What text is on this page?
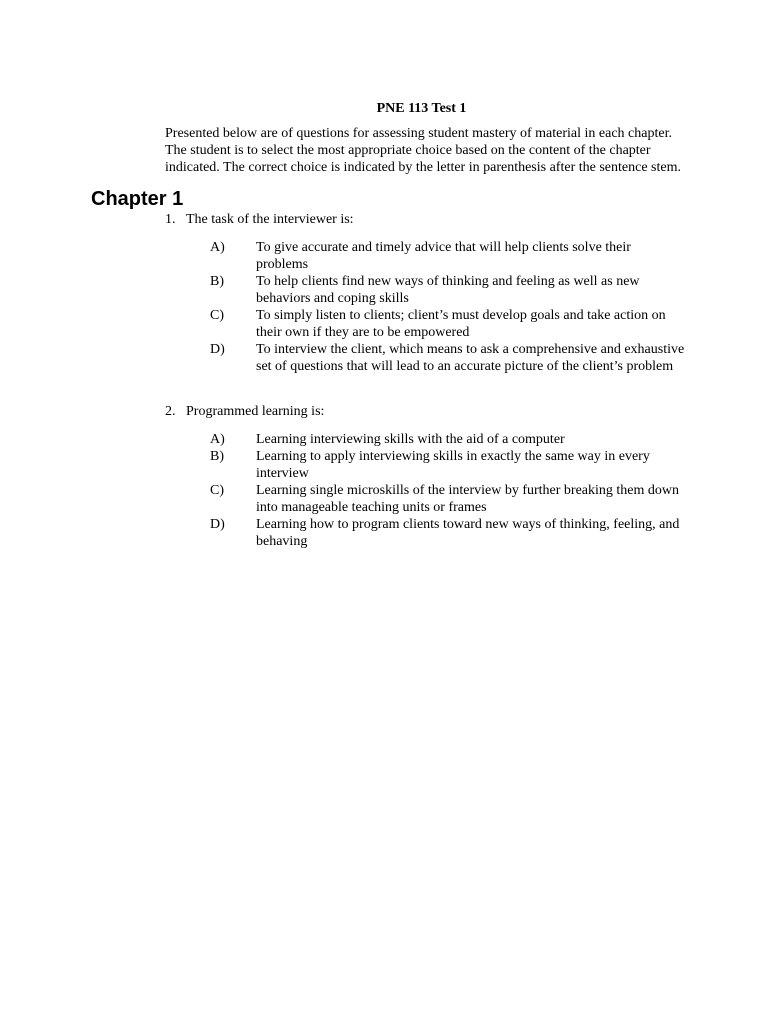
PNE 113 Test 1
Presented below are of questions for assessing student mastery of material in each chapter. The student is to select the most appropriate choice based on the content of the chapter indicated. The correct choice is indicated by the letter in parenthesis after the sentence stem.
Chapter 1
1. The task of the interviewer is:
A)	To give accurate and timely advice that will help clients solve their problems
B)	To help clients find new ways of thinking and feeling as well as new behaviors and coping skills
C)	To simply listen to clients; client’s must develop goals and take action on their own if they are to be empowered
D)	To interview the client, which means to ask a comprehensive and exhaustive set of questions that will lead to an accurate picture of the client’s problem
2. Programmed learning is:
A)	Learning interviewing skills with the aid of a computer
B)	Learning to apply interviewing skills in exactly the same way in every interview
C)	Learning single microskills of the interview by further breaking them down into manageable teaching units or frames
D)	Learning how to program clients toward new ways of thinking, feeling, and behaving
